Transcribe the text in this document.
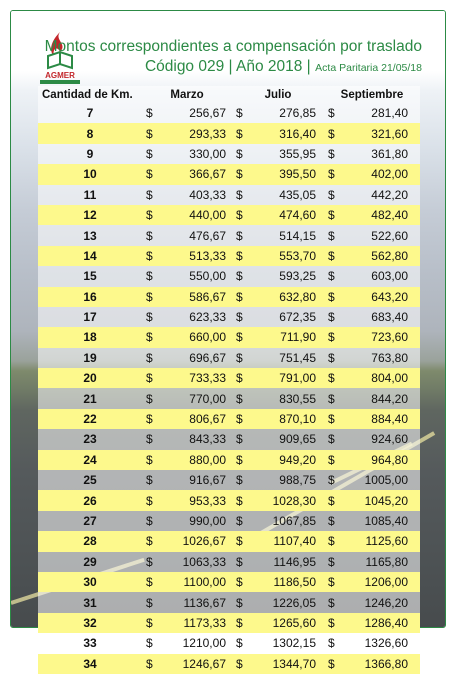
AGMER
Montos correspondientes a compensación por traslado
Código 029 | Año 2018 | Acta Paritaria 21/05/18
Cantidad de Km.	Marzo	Julio	Septiembre
7	$ 256,67	$ 276,85	$ 281,40
8	$ 293,33	$ 316,40	$ 321,60
9	$ 330,00	$ 355,95	$ 361,80
10	$ 366,67	$ 395,50	$ 402,00
11	$ 403,33	$ 435,05	$ 442,20
12	$ 440,00	$ 474,60	$ 482,40
13	$ 476,67	$ 514,15	$ 522,60
14	$ 513,33	$ 553,70	$ 562,80
15	$ 550,00	$ 593,25	$ 603,00
16	$ 586,67	$ 632,80	$ 643,20
17	$ 623,33	$ 672,35	$ 683,40
18	$ 660,00	$ 711,90	$ 723,60
19	$ 696,67	$ 751,45	$ 763,80
20	$ 733,33	$ 791,00	$ 804,00
21	$ 770,00	$ 830,55	$ 844,20
22	$ 806,67	$ 870,10	$ 884,40
23	$ 843,33	$ 909,65	$ 924,60
24	$ 880,00	$ 949,20	$ 964,80
25	$ 916,67	$ 988,75	$ 1005,00
26	$ 953,33	$ 1028,30	$ 1045,20
27	$ 990,00	$ 1067,85	$ 1085,40
28	$ 1026,67	$ 1107,40	$ 1125,60
29	$ 1063,33	$ 1146,95	$ 1165,80
30	$ 1100,00	$ 1186,50	$ 1206,00
31	$ 1136,67	$ 1226,05	$ 1246,20
32	$ 1173,33	$ 1265,60	$ 1286,40
33	$ 1210,00	$ 1302,15	$ 1326,60
34	$ 1246,67	$ 1344,70	$ 1366,80
